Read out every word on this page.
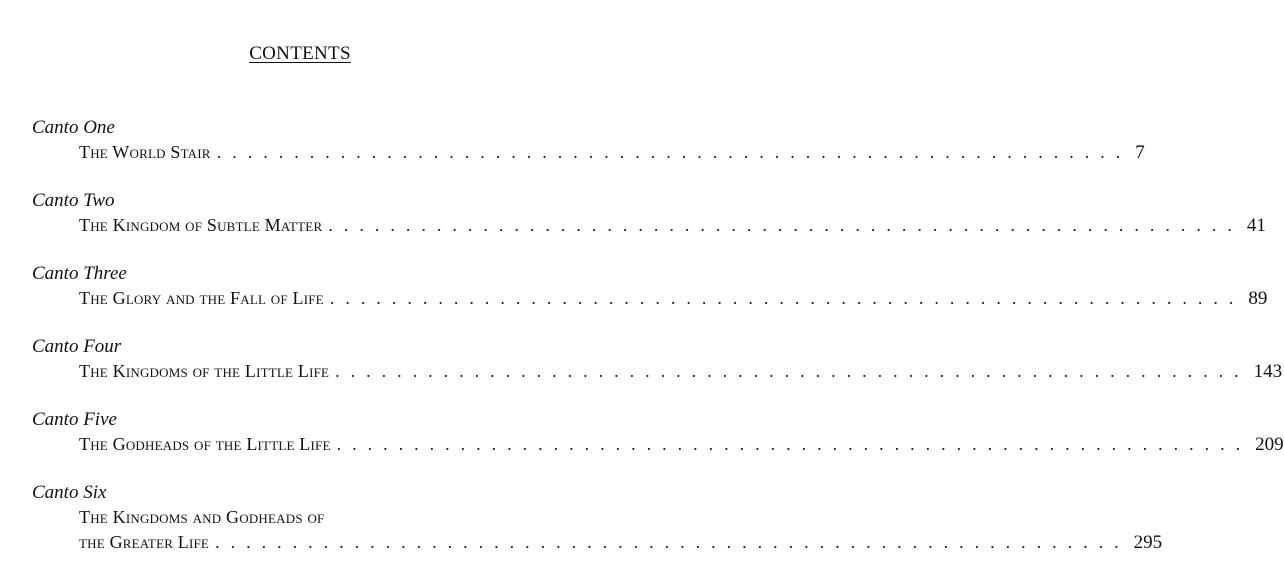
CONTENTS
Canto One
The World Stair ........................................................... 7
Canto Two
The Kingdom of Subtle Matter ........................................................... 41
Canto Three
The Glory and the Fall of Life ........................................................... 89
Canto Four
The Kingdoms of the Little Life ........................................................... 143
Canto Five
The Godheads of the Little Life ........................................................... 209
Canto Six
The Kingdoms and Godheads of
the Greater Life ........................................................... 295
